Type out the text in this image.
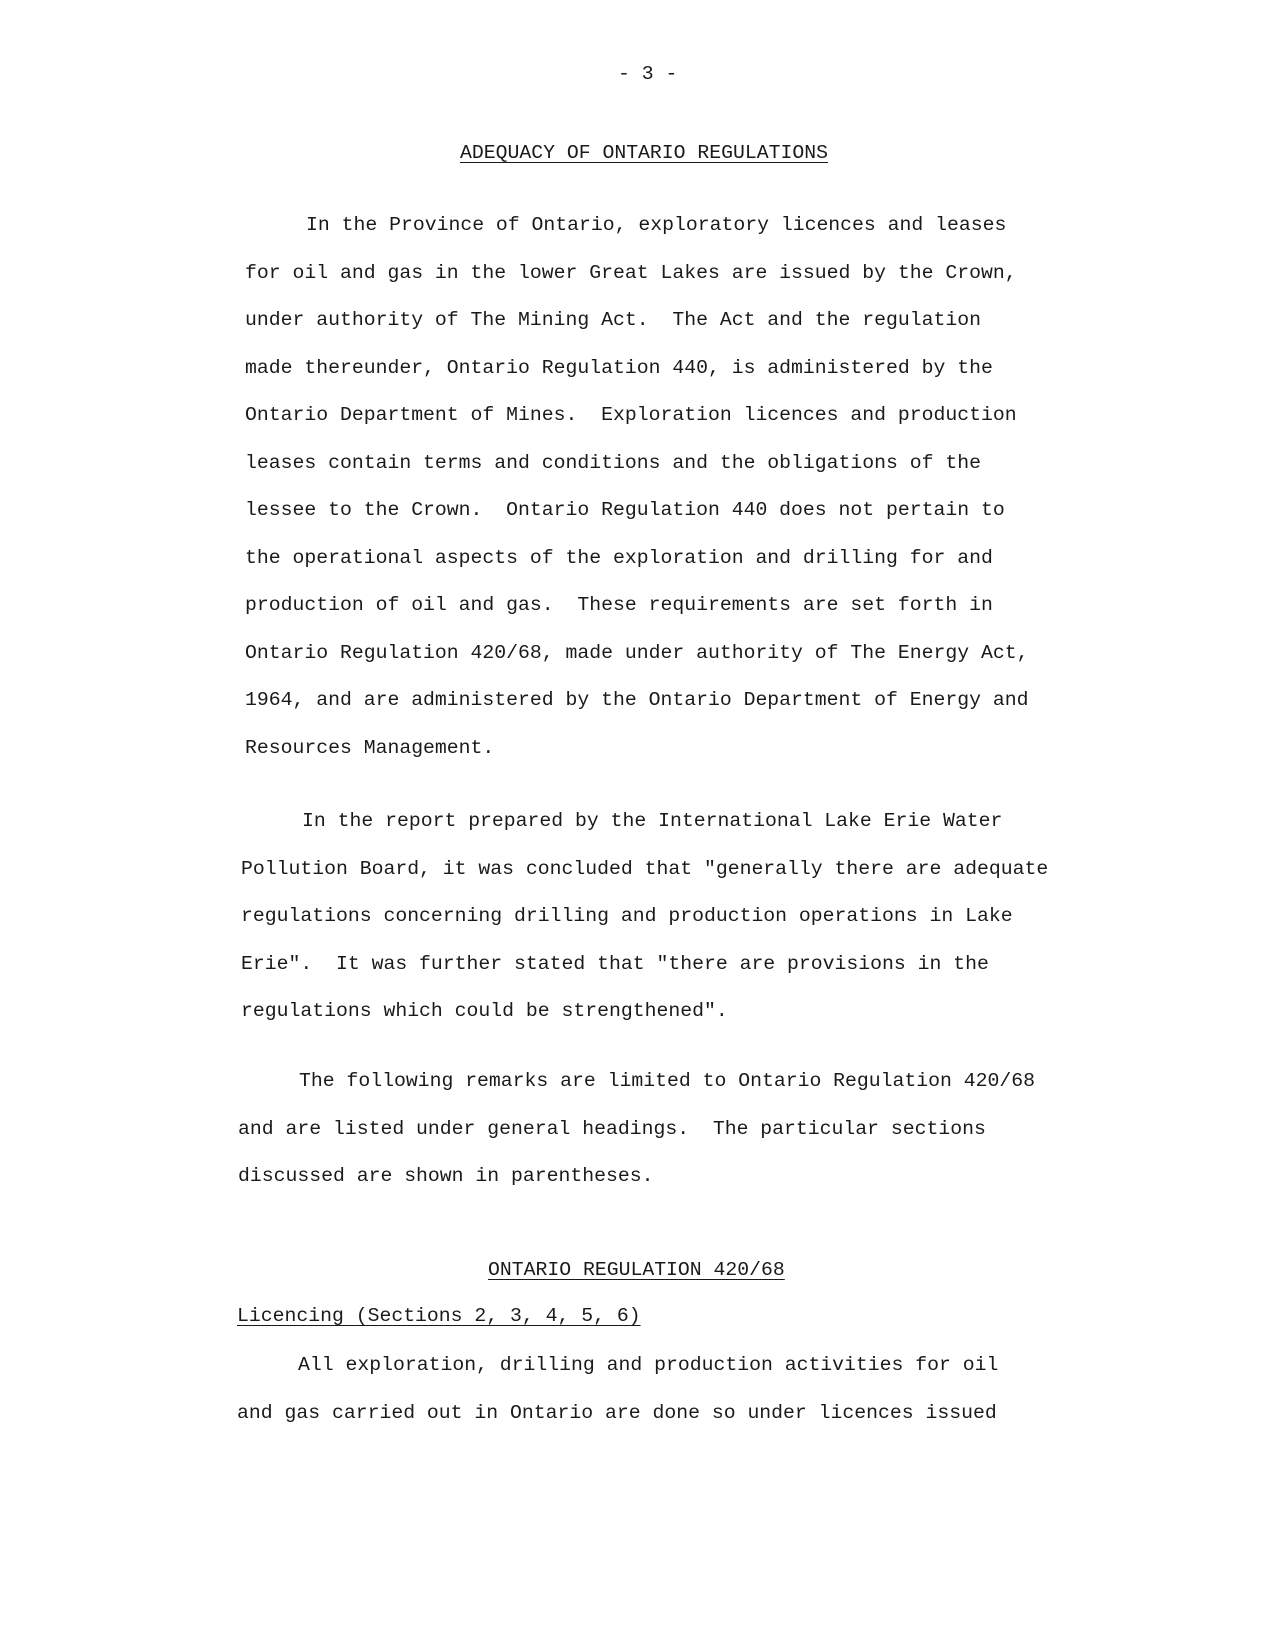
- 3 -
ADEQUACY OF ONTARIO REGULATIONS
In the Province of Ontario, exploratory licences and leases
for oil and gas in the lower Great Lakes are issued by the Crown,
under authority of The Mining Act.  The Act and the regulation
made thereunder, Ontario Regulation 440, is administered by the
Ontario Department of Mines.  Exploration licences and production
leases contain terms and conditions and the obligations of the
lessee to the Crown.  Ontario Regulation 440 does not pertain to
the operational aspects of the exploration and drilling for and
production of oil and gas.  These requirements are set forth in
Ontario Regulation 420/68, made under authority of The Energy Act,
1964, and are administered by the Ontario Department of Energy and
Resources Management.
In the report prepared by the International Lake Erie Water
Pollution Board, it was concluded that "generally there are adequate
regulations concerning drilling and production operations in Lake
Erie".  It was further stated that "there are provisions in the
regulations which could be strengthened".
The following remarks are limited to Ontario Regulation 420/68
and are listed under general headings.  The particular sections
discussed are shown in parentheses.
ONTARIO REGULATION 420/68
Licencing (Sections 2, 3, 4, 5, 6)
All exploration, drilling and production activities for oil
and gas carried out in Ontario are done so under licences issued
